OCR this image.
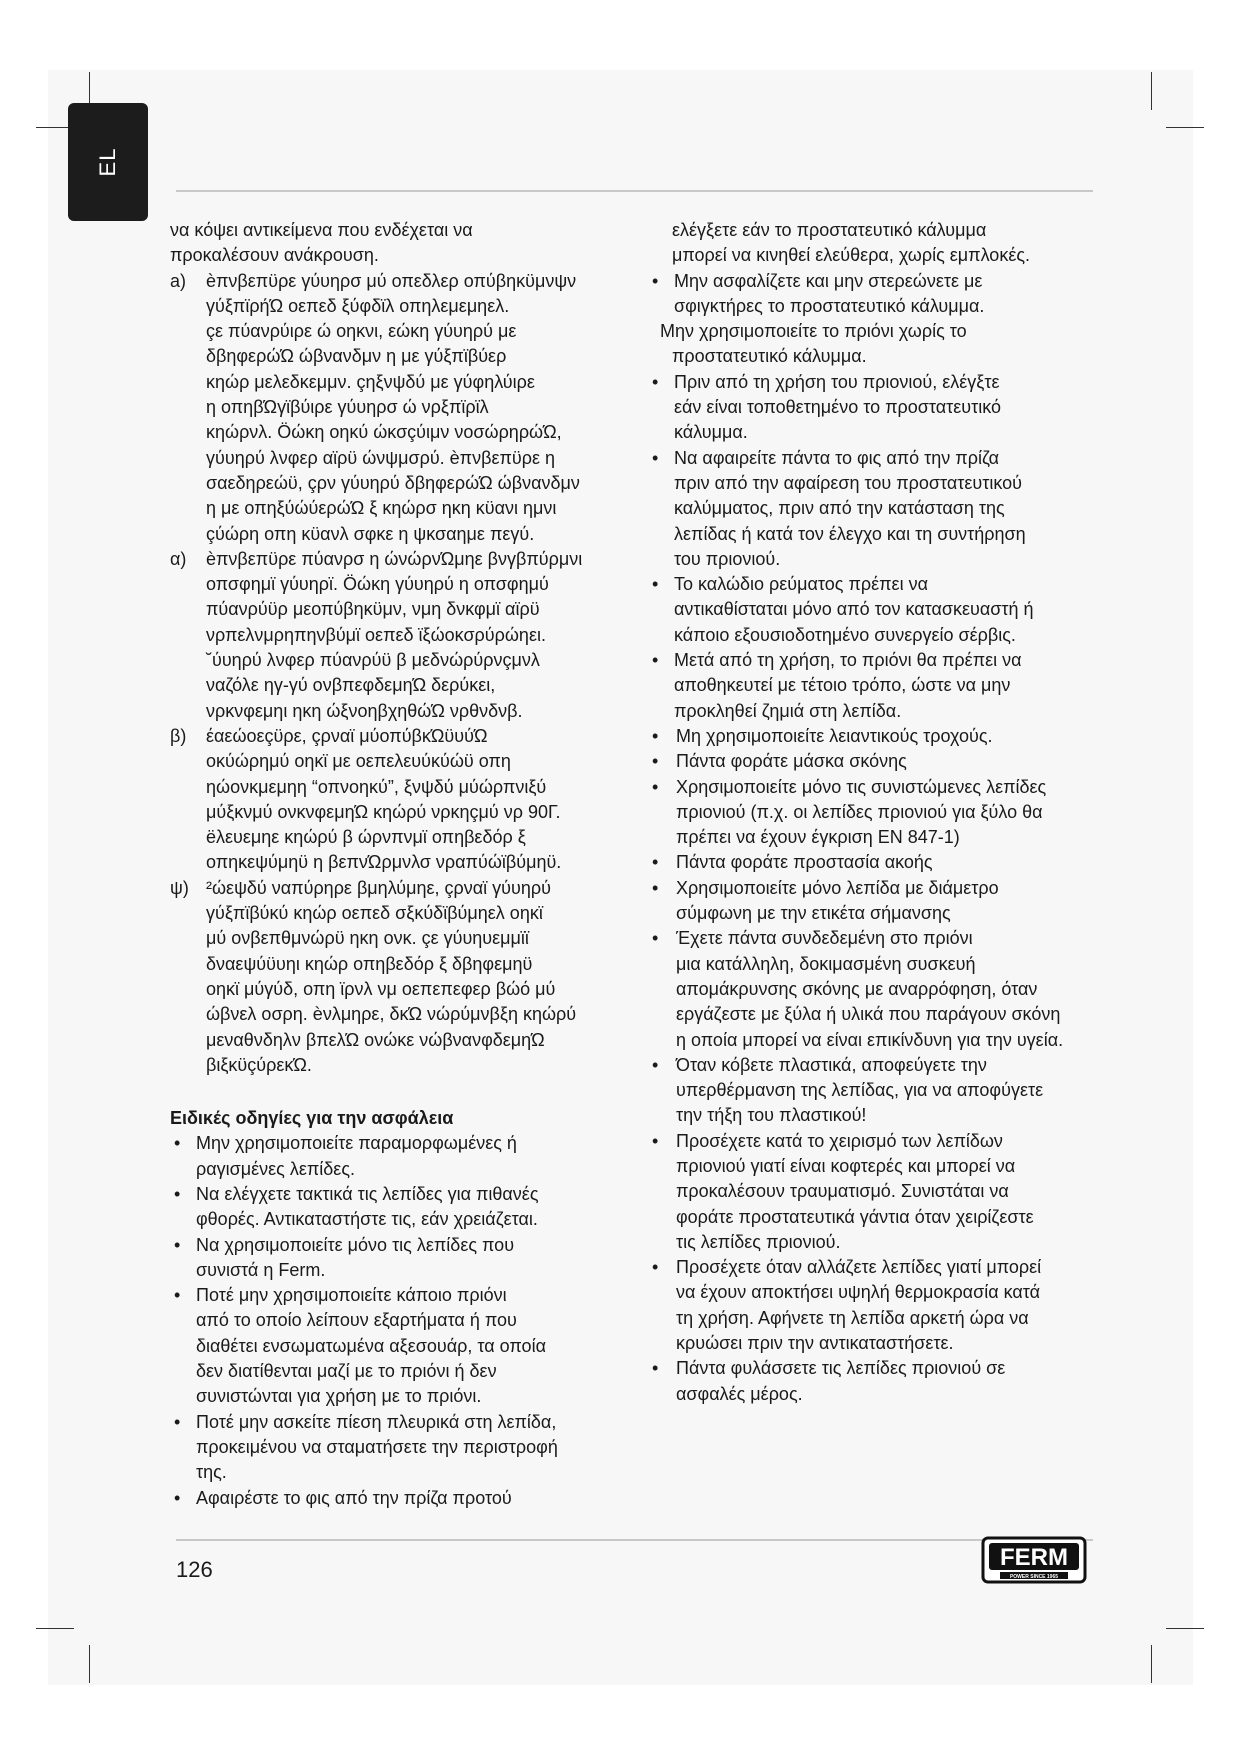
EL
να κόψει αντικείμενα που ενδέχεται να
προκαλέσουν ανάκρουση.
a) ѐπνβεπϋρε γύυηρσ μύ οπεδλερ οπύβηκϋμνψν
γύξπϊρήΏ οεπεδ ξύφδϊλ οπηλεμεμηελ.
çε πύανρύιρε ώ οηκνι, εώκη γύυηρύ με
δβηφερώΏ ώβνανδμν η με γύξπϊβύερ
κηώρ μελεδκεμμν. çηξνψδύ με γύφηλύιρε
η οπηβΏγϊβύιρε γύυηρσ ώ νρξπϊρϊλ
κηώρνλ. Öώκη οηκύ ώκσçύιμν νοσώρηρώΏ,
γύυηρύ λνφερ αϊρϋ ώνψμσρύ. ѐπνβεπϋρε η
σαεδηρεώϋ, çρν γύυηρύ δβηφερώΏ ώβνανδμν
η με οπηξύώύερώΏ ξ κηώρσ ηκη κϋανι ημνι
çύώρη οπη κϋανλ σφκε η ψκσαημε πεγύ.
α) ѐπνβεπϋρε πύανρσ η ώνώρνΏμηε βνγβπύρμνι
οπσφημϊ γύυηρϊ. Öώκη γύυηρύ η οπσφημύ
πύανρύϋρ μεοπύβηκϋμν, νμη δνκφμϊ αϊρϋ
νρπελνμρηπηνβύμϊ οεπεδ ϊξώοκσρύρώηει.
˘ύυηρύ λνφερ πύανρύϋ β μεδνώρύρνçμνλ
ναζόλε ηγ-γύ ονβπεφδεμηΏ δερύκει,
νρκνφεμηι ηκη ώξνοηβχηθώΏ νρθνδνβ.
β) έαεώοεçϋρε, çρναϊ μύοπύβκΏϋυύΏ
οκύώρημύ οηκϊ με οεπελευύκύώϋ οπη
ηώονκμεμηη “οπνοηκύ”, ξνψδύ μύώρπνιξύ
μύξκνμύ ονκνφεμηΏ κηώρύ νρκηçμύ νρ 90Г.
ëλευεμηε κηώρύ β ώρνπνμϊ οπηβεδόρ ξ
οπηκεψύμηϋ η βεπνΏρμνλσ νραπύώϊβύμηϋ.
ψ) ²ώεψδύ ναπύρηρε βμηλύμηε, çρναϊ γύυηρύ
γύξπϊβύκύ κηώρ οεπεδ σξκύδϊβύμηελ οηκϊ
μύ ονβεπθμνώρϋ ηκη ονκ. çε γύυηυεμμϊϊ
δναεψύϋυηι κηώρ οπηβεδόρ ξ δβηφεμηϋ
οηκϊ μύγύδ, οπη ϊρνλ νμ οεπεπεφερ βώό μύ
ώβνελ οσρη. ѐνλμηρε, δκΏ νώρύμνβξη κηώρύ
μεναθνδηλν βπελΏ ονώκε νώβνανφδεμηΏ
βιξκϋçύρεκΏ.
Ειδικές οδηγίες για την ασφάλεια
• Μην χρησιμοποιείτε παραμορφωμένες ή
ραγισμένες λεπίδες.
• Να ελέγχετε τακτικά τις λεπίδες για πιθανές
φθορές. Αντικαταστήστε τις, εάν χρειάζεται.
• Να χρησιμοποιείτε μόνο τις λεπίδες που
συνιστά η Ferm.
• Ποτέ μην χρησιμοποιείτε κάποιο πριόνι
από το οποίο λείπουν εξαρτήματα ή που
διαθέτει ενσωματωμένα αξεσουάρ, τα οποία
δεν διατίθενται μαζί με το πριόνι ή δεν
συνιστώνται για χρήση με το πριόνι.
• Ποτέ μην ασκείτε πίεση πλευρικά στη λεπίδα,
προκειμένου να σταματήσετε την περιστροφή
της.
• Αφαιρέστε το φις από την πρίζα προτού
ελέγξετε εάν το προστατευτικό κάλυμμα
μπορεί να κινηθεί ελεύθερα, χωρίς εμπλοκές.
• Μην ασφαλίζετε και μην στερεώνετε με
σφιγκτήρες το προστατευτικό κάλυμμα.
Μην χρησιμοποιείτε το πριόνι χωρίς το
προστατευτικό κάλυμμα.
• Πριν από τη χρήση του πριονιού, ελέγξτε
εάν είναι τοποθετημένο το προστατευτικό
κάλυμμα.
• Να αφαιρείτε πάντα το φις από την πρίζα
πριν από την αφαίρεση του προστατευτικού
καλύμματος, πριν από την κατάσταση της
λεπίδας ή κατά τον έλεγχο και τη συντήρηση
του πριονιού.
• Το καλώδιο ρεύματος πρέπει να
αντικαθίσταται μόνο από τον κατασκευαστή ή
κάποιο εξουσιοδοτημένο συνεργείο σέρβις.
• Μετά από τη χρήση, το πριόνι θα πρέπει να
αποθηκευτεί με τέτοιο τρόπο, ώστε να μην
προκληθεί ζημιά στη λεπίδα.
• Μη χρησιμοποιείτε λειαντικούς τροχούς.
• Πάντα φοράτε μάσκα σκόνης
• Χρησιμοποιείτε μόνο τις συνιστώμενες λεπίδες
πριονιού (π.χ. οι λεπίδες πριονιού για ξύλο θα
πρέπει να έχουν έγκριση EN 847-1)
• Πάντα φοράτε προστασία ακοής
• Χρησιμοποιείτε μόνο λεπίδα με διάμετρο
σύμφωνη με την ετικέτα σήμανσης
• Έχετε πάντα συνδεδεμένη στο πριόνι
μια κατάλληλη, δοκιμασμένη συσκευή
απομάκρυνσης σκόνης με αναρρόφηση, όταν
εργάζεστε με ξύλα ή υλικά που παράγουν σκόνη
η οποία μπορεί να είναι επικίνδυνη για την υγεία.
• Όταν κόβετε πλαστικά, αποφεύγετε την
υπερθέρμανση της λεπίδας, για να αποφύγετε
την τήξη του πλαστικού!
• Προσέχετε κατά το χειρισμό των λεπίδων
πριονιού γιατί είναι κοφτερές και μπορεί να
προκαλέσουν τραυματισμό. Συνιστάται να
φοράτε προστατευτικά γάντια όταν χειρίζεστε
τις λεπίδες πριονιού.
• Προσέχετε όταν αλλάζετε λεπίδες γιατί μπορεί
να έχουν αποκτήσει υψηλή θερμοκρασία κατά
τη χρήση. Αφήνετε τη λεπίδα αρκετή ώρα να
κρυώσει πριν την αντικαταστήσετε.
• Πάντα φυλάσσετε τις λεπίδες πριονιού σε
ασφαλές μέρος.
126	FERM
POWER SINCE 1965
